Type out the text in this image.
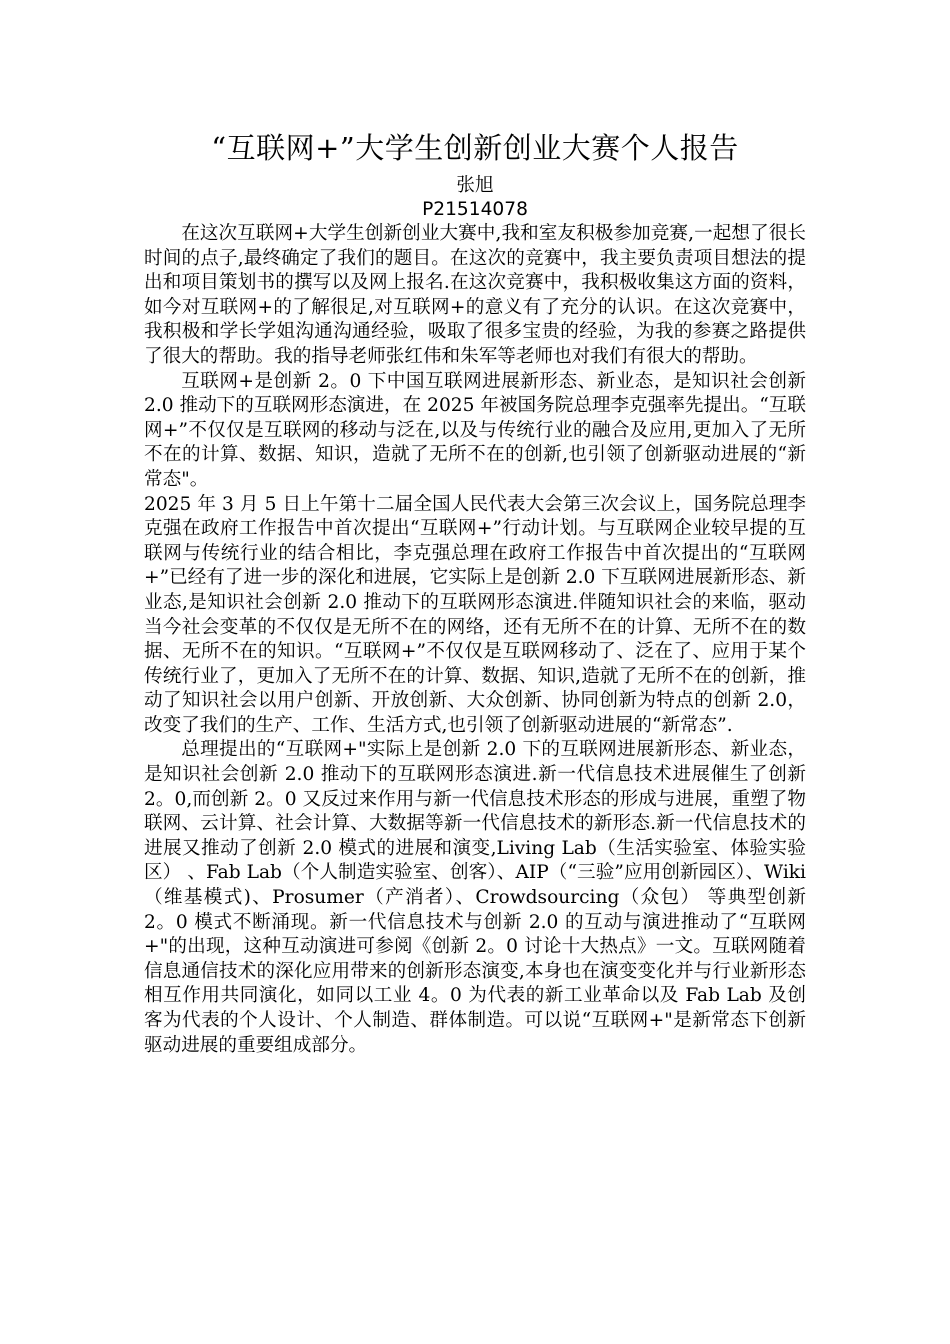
“互联网+”大学生创新创业大赛个人报告
张旭
P21514078

在这次互联网+大学生创新创业大赛中,我和室友积极参加竞赛,一起想了很长时间的点子,最终确定了我们的题目。在这次的竞赛中，我主要负责项目想法的提出和项目策划书的撰写以及网上报名.在这次竞赛中，我积极收集这方面的资料，如今对互联网+的了解很足,对互联网+的意义有了充分的认识。在这次竞赛中，我积极和学长学姐沟通沟通经验，吸取了很多宝贵的经验，为我的参赛之路提供了很大的帮助。我的指导老师张红伟和朱军等老师也对我们有很大的帮助。

互联网+是创新 2。0 下中国互联网进展新形态、新业态，是知识社会创新 2.0 推动下的互联网形态演进，在 2025 年被国务院总理李克强率先提出。“互联网+”不仅仅是互联网的移动与泛在,以及与传统行业的融合及应用,更加入了无所不在的计算、数据、知识，造就了无所不在的创新,也引领了创新驱动进展的“新常态"。

2025 年 3 月 5 日上午第十二届全国人民代表大会第三次会议上，国务院总理李克强在政府工作报告中首次提出“互联网+”行动计划。与互联网企业较早提的互联网与传统行业的结合相比，李克强总理在政府工作报告中首次提出的“互联网+”已经有了进一步的深化和进展，它实际上是创新 2.0 下互联网进展新形态、新业态,是知识社会创新 2.0 推动下的互联网形态演进.伴随知识社会的来临，驱动当今社会变革的不仅仅是无所不在的网络，还有无所不在的计算、无所不在的数据、无所不在的知识。“互联网+”不仅仅是互联网移动了、泛在了、应用于某个传统行业了，更加入了无所不在的计算、数据、知识,造就了无所不在的创新，推动了知识社会以用户创新、开放创新、大众创新、协同创新为特点的创新 2.0，改变了我们的生产、工作、生活方式,也引领了创新驱动进展的“新常态”.

总理提出的“互联网+"实际上是创新 2.0 下的互联网进展新形态、新业态，是知识社会创新 2.0 推动下的互联网形态演进.新一代信息技术进展催生了创新 2。0,而创新 2。0 又反过来作用与新一代信息技术形态的形成与进展，重塑了物联网、云计算、社会计算、大数据等新一代信息技术的新形态.新一代信息技术的进展又推动了创新 2.0 模式的进展和演变,Living Lab（生活实验室、体验实验区） 、Fab Lab（个人制造实验室、创客）、AIP（“三验”应用创新园区）、Wiki（维基模式)、Prosumer（产消者）、Crowdsourcing（众包） 等典型创新 2。0 模式不断涌现。新一代信息技术与创新 2.0 的互动与演进推动了“互联网+"的出现，这种互动演进可参阅《创新 2。0 讨论十大热点》一文。互联网随着信息通信技术的深化应用带来的创新形态演变,本身也在演变变化并与行业新形态相互作用共同演化，如同以工业 4。0 为代表的新工业革命以及 Fab Lab 及创客为代表的个人设计、个人制造、群体制造。可以说“互联网+"是新常态下创新驱动进展的重要组成部分。
